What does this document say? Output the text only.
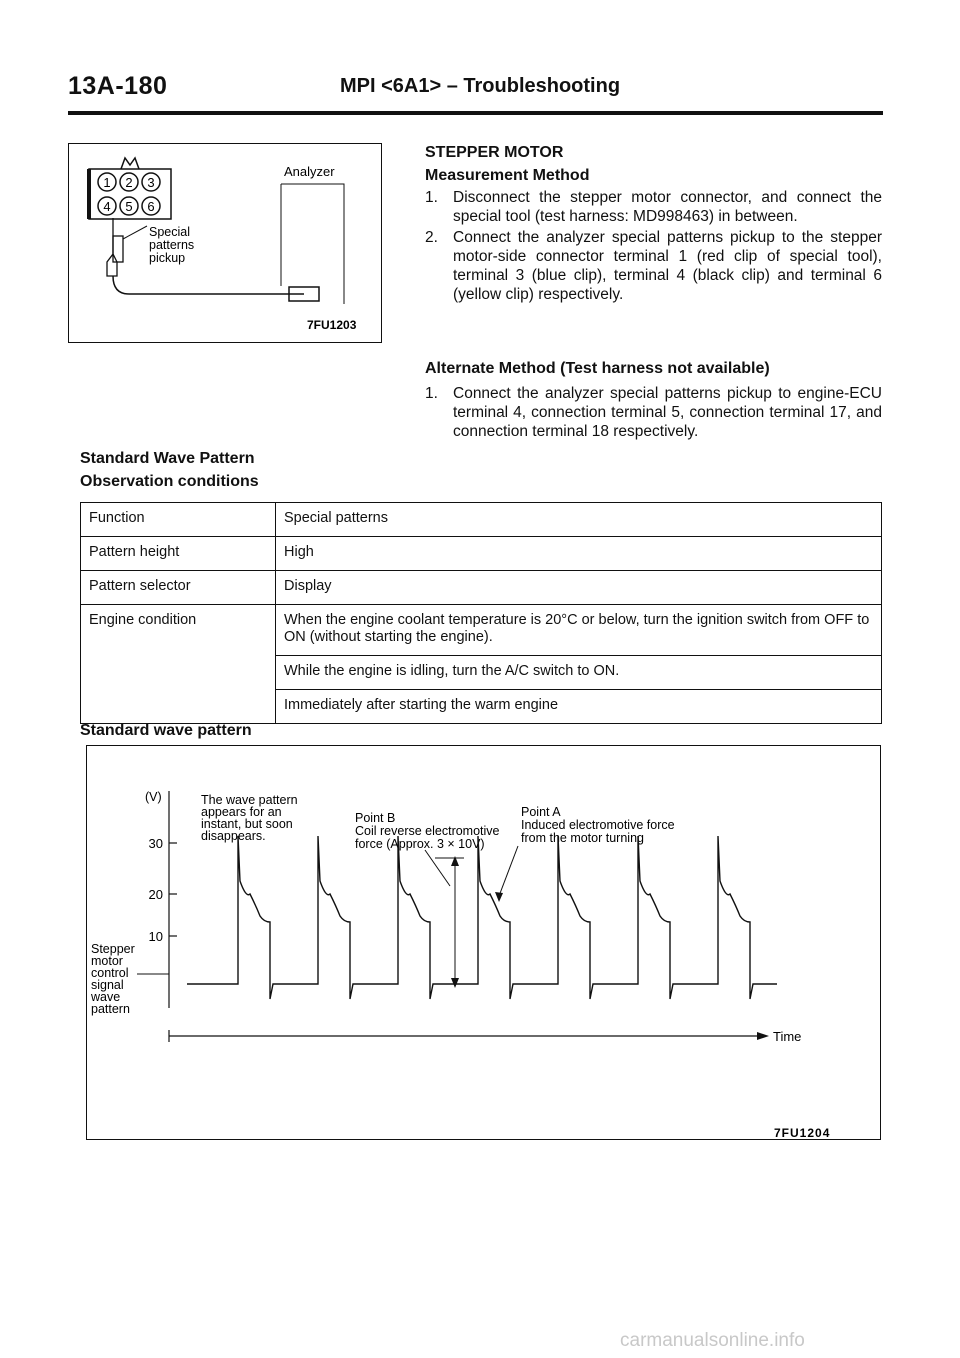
13A-180	MPI <6A1> – Troubleshooting
1 2 3
4 5 6
Special
patterns
pickup
Analyzer
7FU1203
STEPPER MOTOR
Measurement Method
1. Disconnect the stepper motor connector, and connect the special tool (test harness: MD998463) in between.
2. Connect the analyzer special patterns pickup to the stepper motor-side connector terminal 1 (red clip of special tool), terminal 3 (blue clip), terminal 4 (black clip) and terminal 6 (yellow clip) respectively.
Alternate Method (Test harness not available)
1. Connect the analyzer special patterns pickup to engine-ECU terminal 4, connection terminal 5, connection terminal 17, and connection terminal 18 respectively.
Standard Wave Pattern
Observation conditions
Function	Special patterns
Pattern height	High
Pattern selector	Display
Engine condition	When the engine coolant temperature is 20°C or below, turn the ignition switch from OFF to ON (without starting the engine).
	While the engine is idling, turn the A/C switch to ON.
	Immediately after starting the warm engine
Standard wave pattern
Time
(V)
30
20
10
Stepper
motor
control
signal
wave
pattern
The wave pattern
appears for an
instant, but soon
disappears.
Point B
Coil reverse electromotive
force (Approx. 3 × 10V)
Point A
Induced electromotive force
from the motor turning
7FU1204
carmanualsonline.info
